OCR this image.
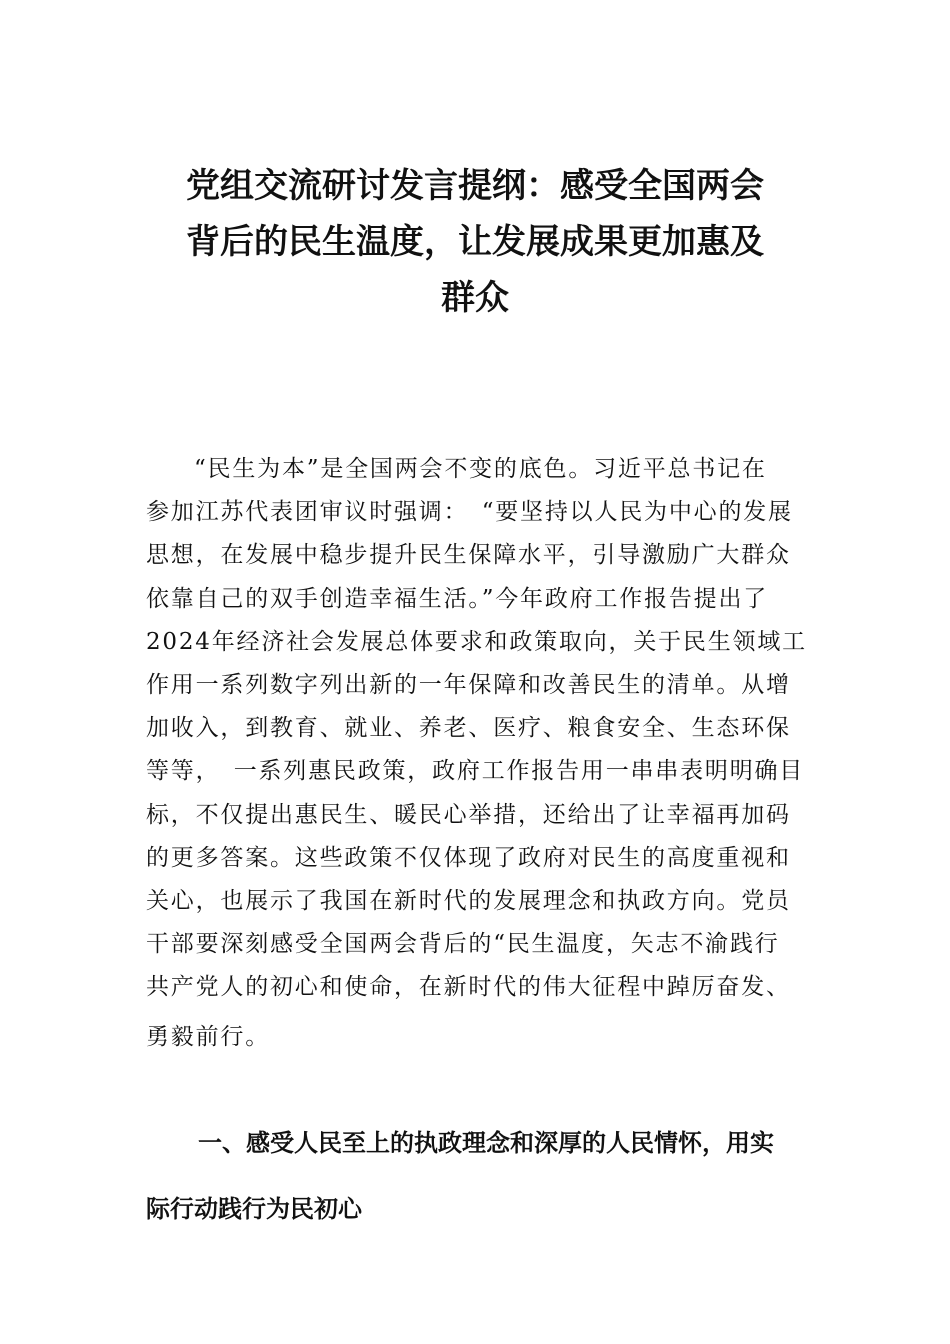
党组交流研讨发言提纲：感受全国两会
背后的民生温度，让发展成果更加惠及
群众
“民生为本”是全国两会不变的底色。习近平总书记在
参加江苏代表团审议时强调：　“要坚持以人民为中心的发展
思想，在发展中稳步提升民生保障水平，引导激励广大群众
依靠自己的双手创造幸福生活。”今年政府工作报告提出了
2024年经济社会发展总体要求和政策取向，关于民生领域工
作用一系列数字列出新的一年保障和改善民生的清单。从增
加收入，到教育、就业、养老、医疗、粮食安全、生态环保
等等，　一系列惠民政策，政府工作报告用一串串表明明确目
标，不仅提出惠民生、暖民心举措，还给出了让幸福再加码
的更多答案。这些政策不仅体现了政府对民生的高度重视和
关心，也展示了我国在新时代的发展理念和执政方向。党员
干部要深刻感受全国两会背后的“民生温度，矢志不渝践行
共产党人的初心和使命，在新时代的伟大征程中踔厉奋发、
勇毅前行。
一、感受人民至上的执政理念和深厚的人民情怀，用实
际行动践行为民初心
